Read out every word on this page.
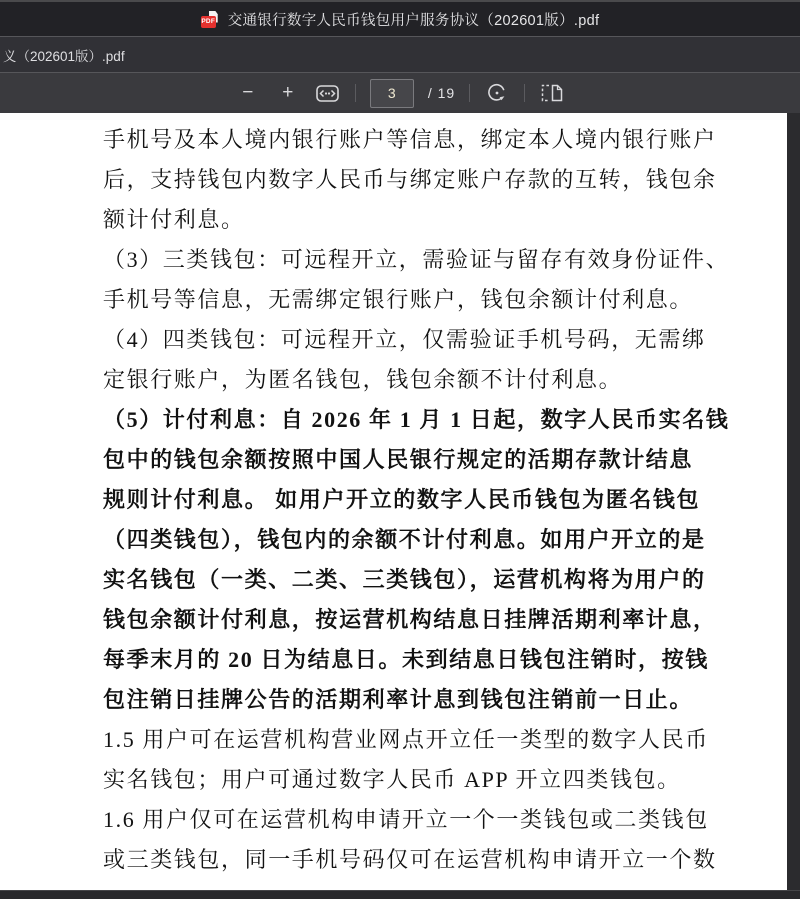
PDF 交通银行数字人民币钱包用户服务协议（202601版）.pdf
义（202601版）.pdf
−	+
3	/ 19
手机号及本人境内银行账户等信息，绑定本人境内银行账户
后，支持钱包内数字人民币与绑定账户存款的互转，钱包余
额计付利息。
（3）三类钱包：可远程开立，需验证与留存有效身份证件、
手机号等信息，无需绑定银行账户，钱包余额计付利息。
（4）四类钱包：可远程开立，仅需验证手机号码，无需绑
定银行账户，为匿名钱包，钱包余额不计付利息。
（5）计付利息：自 2026 年 1 月 1 日起，数字人民币实名钱
包中的钱包余额按照中国人民银行规定的活期存款计结息
规则计付利息。 如用户开立的数字人民币钱包为匿名钱包
（四类钱包），钱包内的余额不计付利息。如用户开立的是
实名钱包（一类、二类、三类钱包），运营机构将为用户的
钱包余额计付利息，按运营机构结息日挂牌活期利率计息，
每季末月的 20 日为结息日。未到结息日钱包注销时，按钱
包注销日挂牌公告的活期利率计息到钱包注销前一日止。
1.5 用户可在运营机构营业网点开立任一类型的数字人民币
实名钱包；用户可通过数字人民币 APP 开立四类钱包。
1.6 用户仅可在运营机构申请开立一个一类钱包或二类钱包
或三类钱包，同一手机号码仅可在运营机构申请开立一个数
